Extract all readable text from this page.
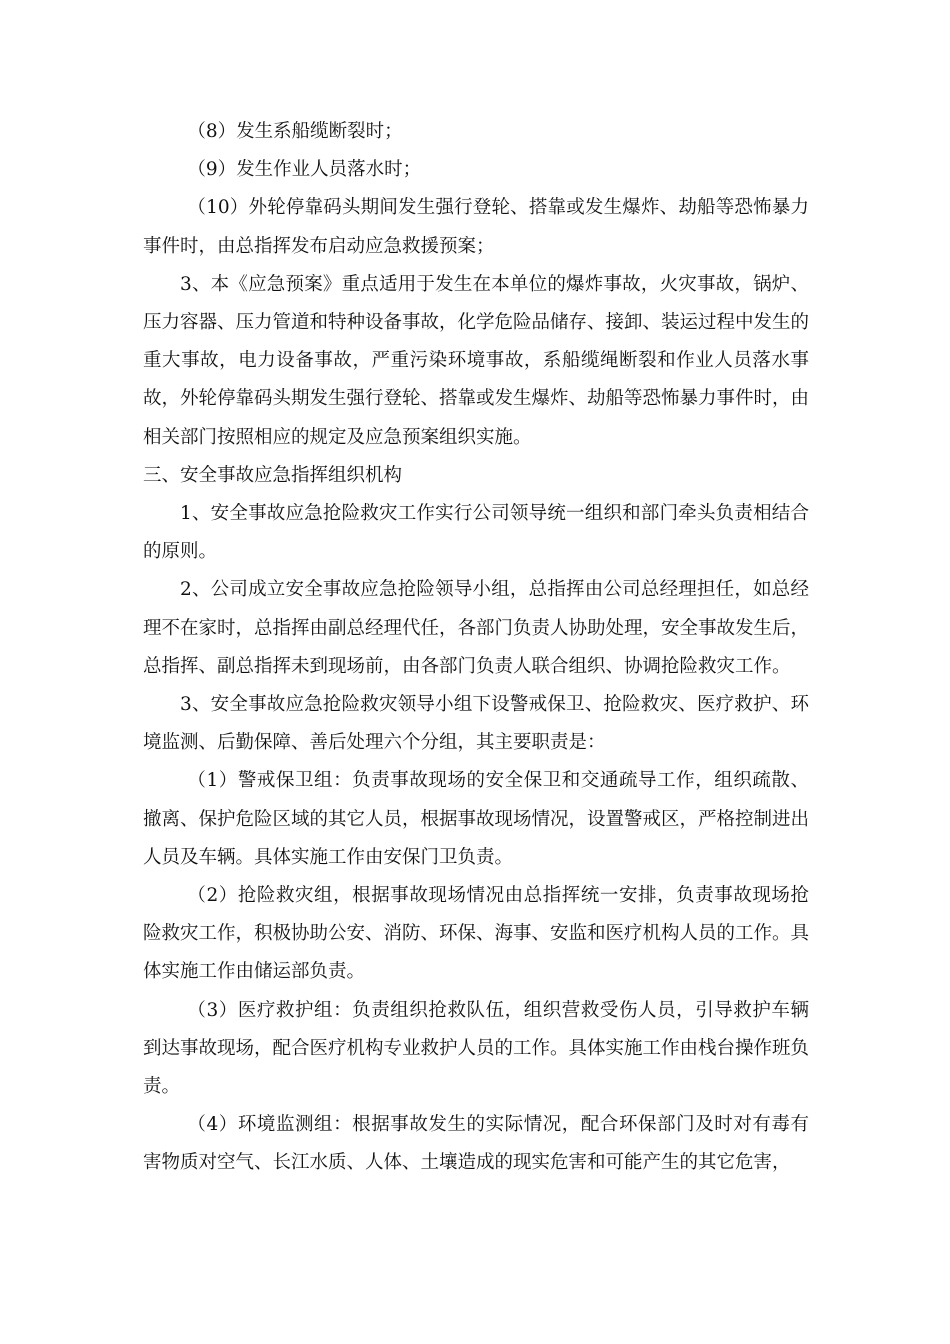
（8）发生系船缆断裂时；

（9）发生作业人员落水时；

（10）外轮停靠码头期间发生强行登轮、搭靠或发生爆炸、劫船等恐怖暴力事件时，由总指挥发布启动应急救援预案；

3、本《应急预案》重点适用于发生在本单位的爆炸事故，火灾事故，锅炉、压力容器、压力管道和特种设备事故，化学危险品储存、接卸、装运过程中发生的重大事故，电力设备事故，严重污染环境事故，系船缆绳断裂和作业人员落水事故，外轮停靠码头期发生强行登轮、搭靠或发生爆炸、劫船等恐怖暴力事件时，由相关部门按照相应的规定及应急预案组织实施。

三、安全事故应急指挥组织机构

1、安全事故应急抢险救灾工作实行公司领导统一组织和部门牵头负责相结合的原则。

2、公司成立安全事故应急抢险领导小组，总指挥由公司总经理担任，如总经理不在家时，总指挥由副总经理代任，各部门负责人协助处理，安全事故发生后，总指挥、副总指挥未到现场前，由各部门负责人联合组织、协调抢险救灾工作。

3、安全事故应急抢险救灾领导小组下设警戒保卫、抢险救灾、医疗救护、环境监测、后勤保障、善后处理六个分组，其主要职责是：

（1）警戒保卫组：负责事故现场的安全保卫和交通疏导工作，组织疏散、撤离、保护危险区域的其它人员，根据事故现场情况，设置警戒区，严格控制进出人员及车辆。具体实施工作由安保门卫负责。

（2）抢险救灾组，根据事故现场情况由总指挥统一安排，负责事故现场抢险救灾工作，积极协助公安、消防、环保、海事、安监和医疗机构人员的工作。具体实施工作由储运部负责。

（3）医疗救护组：负责组织抢救队伍，组织营救受伤人员，引导救护车辆到达事故现场，配合医疗机构专业救护人员的工作。具体实施工作由栈台操作班负责。

（4）环境监测组：根据事故发生的实际情况，配合环保部门及时对有毒有害物质对空气、长江水质、人体、土壤造成的现实危害和可能产生的其它危害，
